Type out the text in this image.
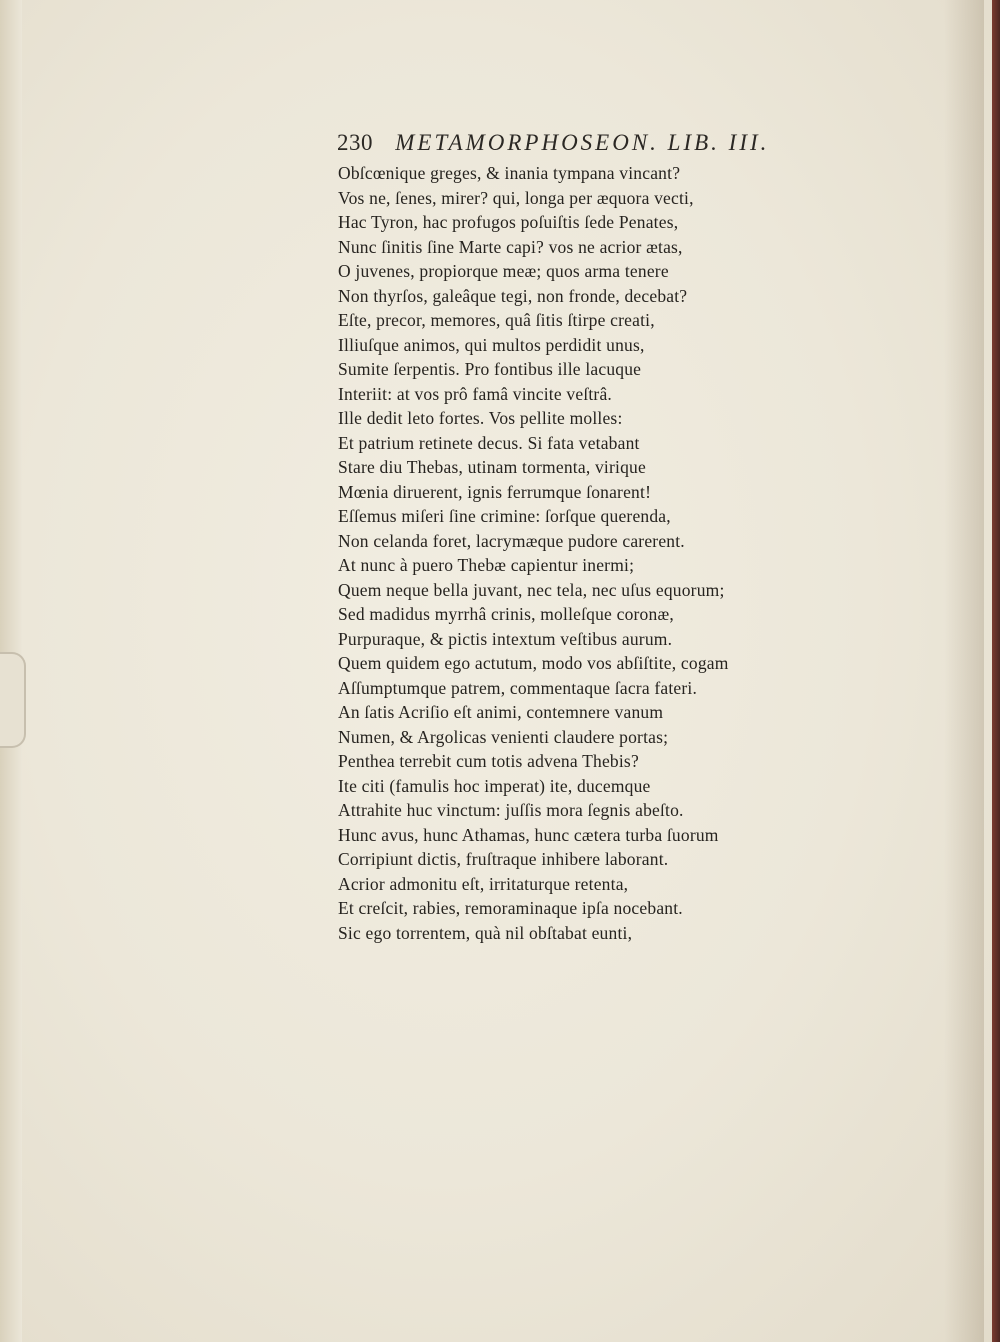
230 METAMORPHOSEON. LIB. III.
Obſcœnique greges, & inania tympana vincant?
Vos ne, ſenes, mirer? qui, longa per æquora vecti,
Hac Tyron, hac profugos poſuiſtis ſede Penates,
Nunc ſinitis ſine Marte capi? vos ne acrior ætas,
O juvenes, propiorque meæ; quos arma tenere
Non thyrſos, galeâque tegi, non fronde, decebat?
Eſte, precor, memores, quâ ſitis ſtirpe creati,
Illiuſque animos, qui multos perdidit unus,
Sumite ſerpentis. Pro fontibus ille lacuque
Interiit: at vos prô famâ vincite veſtrâ.
Ille dedit leto fortes. Vos pellite molles:
Et patrium retinete decus. Si fata vetabant
Stare diu Thebas, utinam tormenta, virique
Mœnia diruerent, ignis ferrumque ſonarent!
Eſſemus miſeri ſine crimine: ſorſque querenda,
Non celanda foret, lacrymæque pudore carerent.
At nunc à puero Thebæ capientur inermi;
Quem neque bella juvant, nec tela, nec uſus equorum;
Sed madidus myrrhâ crinis, molleſque coronæ,
Purpuraque, & pictis intextum veſtibus aurum.
Quem quidem ego actutum, modo vos abſiſtite, cogam
Aſſumptumque patrem, commentaque ſacra fateri.
An ſatis Acriſio eſt animi, contemnere vanum
Numen, & Argolicas venienti claudere portas;
Penthea terrebit cum totis advena Thebis?
Ite citi (famulis hoc imperat) ite, ducemque
Attrahite huc vinctum: juſſis mora ſegnis abeſto.
Hunc avus, hunc Athamas, hunc cætera turba ſuorum
Corripiunt dictis, fruſtraque inhibere laborant.
Acrior admonitu eſt, irritaturque retenta,
Et creſcit, rabies, remoraminaque ipſa nocebant.
Sic ego torrentem, quà nil obſtabat eunti,
